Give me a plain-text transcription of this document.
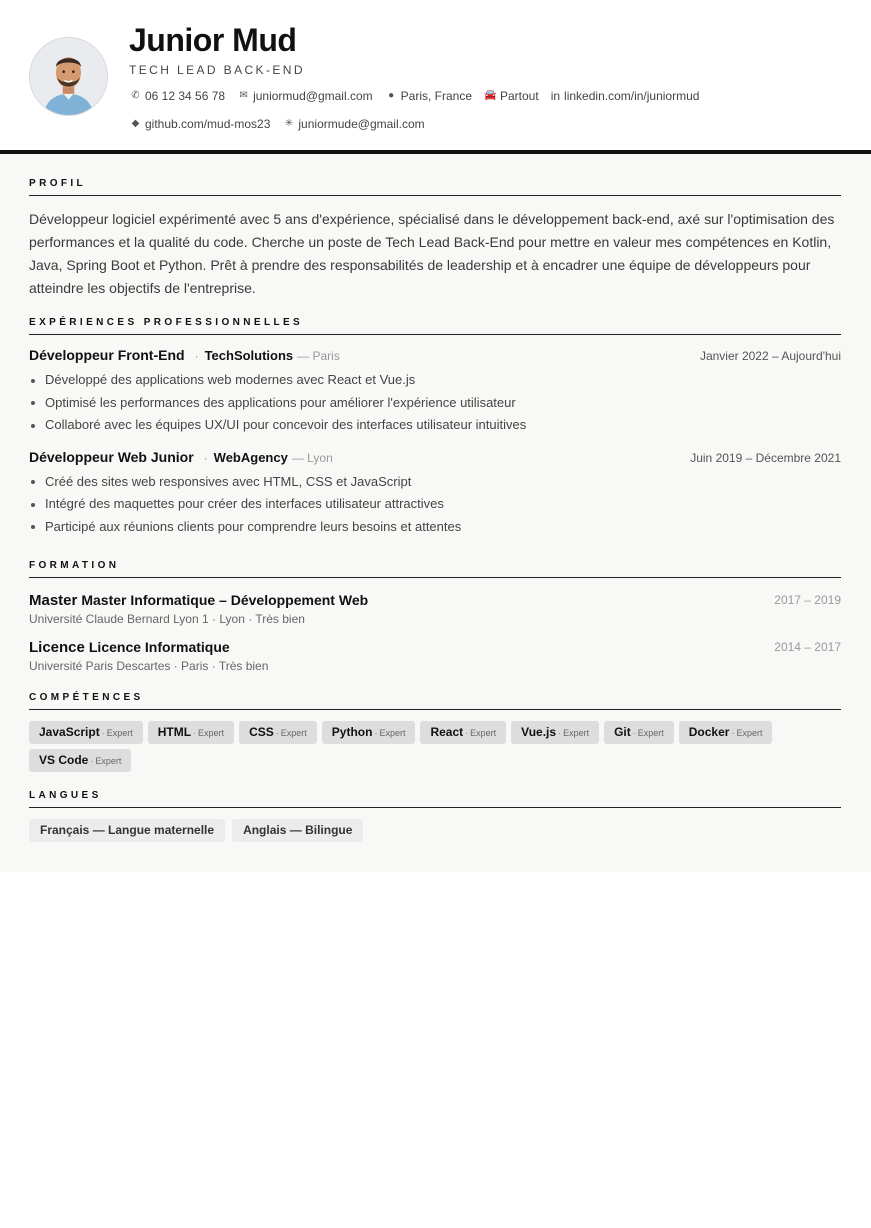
Junior Mud
TECH LEAD BACK-END
✆ 06 12 34 56 78 ✉ juniormud@gmail.com	● Paris, France 🚘 Partout in linkedin.com/in/juniormud
◆ github.com/mud-mos23 ✳ juniormude@gmail.com
PROFIL
Développeur logiciel expérimenté avec 5 ans d'expérience, spécialisé dans le développement back-end, axé sur l'optimisation des performances et la qualité du code. Cherche un poste de Tech Lead Back-End pour mettre en valeur mes compétences en Kotlin, Java, Spring Boot et Python. Prêt à prendre des responsabilités de leadership et à encadrer une équipe de développeurs pour atteindre les objectifs de l'entreprise.
EXPÉRIENCES PROFESSIONNELLES
Développeur Front-End · TechSolutions — Paris	Janvier 2022 – Aujourd'hui
Développé des applications web modernes avec React et Vue.js
Optimisé les performances des applications pour améliorer l'expérience utilisateur
Collaboré avec les équipes UX/UI pour concevoir des interfaces utilisateur intuitives
Développeur Web Junior · WebAgency — Lyon	Juin 2019 – Décembre 2021
Créé des sites web responsives avec HTML, CSS et JavaScript
Intégré des maquettes pour créer des interfaces utilisateur attractives
Participé aux réunions clients pour comprendre leurs besoins et attentes
FORMATION
Master Master Informatique – Développement Web
Université Claude Bernard Lyon 1 · Lyon · Très bien
2017 – 2019
Licence Licence Informatique
Université Paris Descartes · Paris · Très bien
2014 – 2017
COMPÉTENCES
JavaScript · Expert HTML · Expert CSS · Expert Python · Expert React · Expert Vue.js · Expert Git · Expert Docker · Expert
VS Code · Expert
LANGUES
Français — Langue maternelle	Anglais — Bilingue
